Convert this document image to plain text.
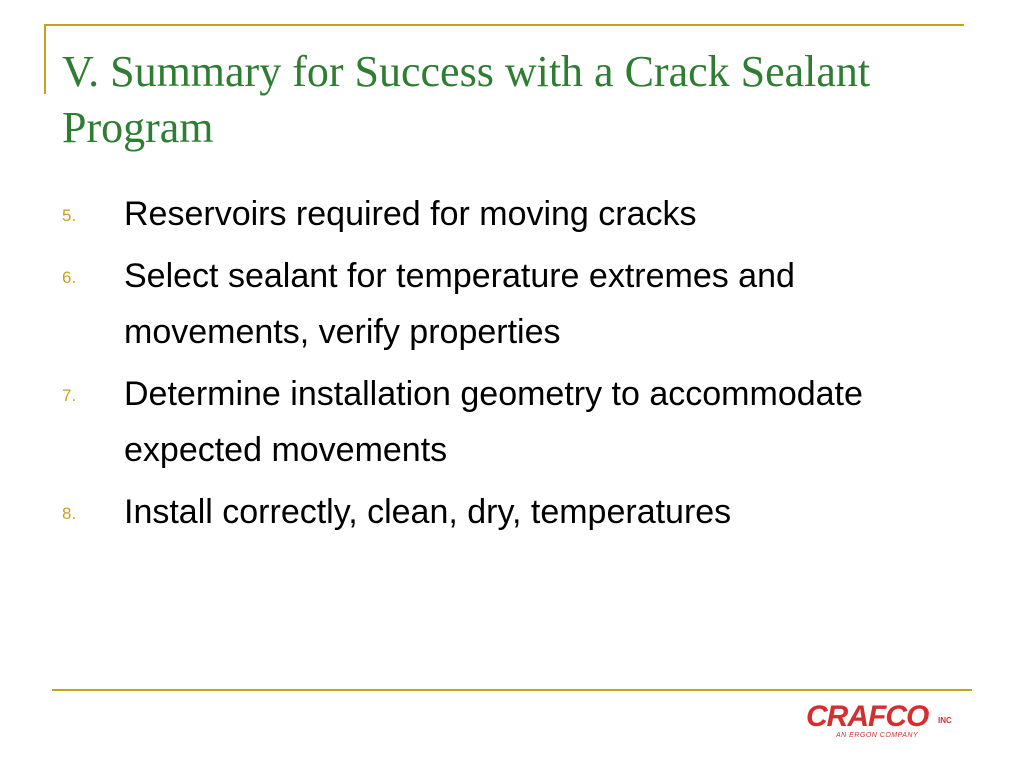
V. Summary for Success with a Crack Sealant Program
5.	Reservoirs required for moving cracks
6.	Select sealant for temperature extremes and movements, verify properties
7.	Determine installation geometry to accommodate expected movements
8.	Install correctly, clean, dry, temperatures
CRAFCO INC
AN ERGON COMPANY
